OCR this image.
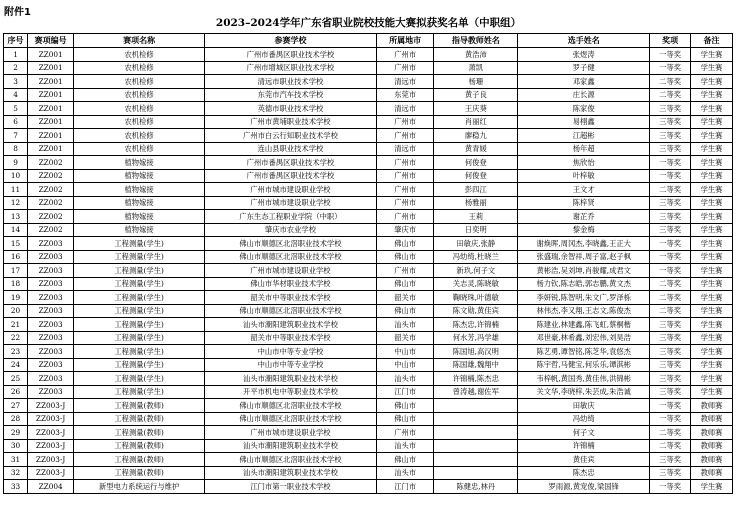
附件1
2023–2024学年广东省职业院校技能大赛拟获奖名单（中职组）
序号	赛项编号	赛项名称	参赛学校	所属地市	指导教师姓名	选手姓名	奖项	备注
1	ZZ001	农机检修	广州市番禺区职业技术学校	广州市	黄浩沛	张煜涛	一等奖	学生赛
2	ZZ001	农机检修	广州市增城区职业技术学校	广州市	萧凯	罗子健	一等奖	学生赛
3	ZZ001	农机检修	清远市职业技术学校	清远市	杨珊	邓家鑫	二等奖	学生赛
4	ZZ001	农机检修	东莞市汽车技术学校	东莞市	黄子良	庄长源	二等奖	学生赛
5	ZZ001	农机检修	英德市职业技术学校	清远市	王庆葵	陈家俊	三等奖	学生赛
6	ZZ001	农机检修	广州市黄埔职业技术学校	广州市	肖丽红	易栩鑫	三等奖	学生赛
7	ZZ001	农机检修	广州市白云行知职业技术学校	广州市	廖稳九	江超彬	三等奖	学生赛
8	ZZ001	农机检修	连山县职业技术学校	清远市	黄青媛	杨年超	三等奖	学生赛
9	ZZ002	植物嫁接	广州市番禺区职业技术学校	广州市	何俊登	焦欣怡	一等奖	学生赛
10	ZZ002	植物嫁接	广州市番禺区职业技术学校	广州市	何俊登	叶梓敏	一等奖	学生赛
11	ZZ002	植物嫁接	广州市城市建设职业学校	广州市	彭四江	王文才	二等奖	学生赛
12	ZZ002	植物嫁接	广州市城市建设职业学校	广州市	杨雅丽	陈梓贤	三等奖	学生赛
13	ZZ002	植物嫁接	广东生态工程职业学院（中职）	广州市	王莉	谢芷乔	三等奖	学生赛
14	ZZ002	植物嫁接	肇庆市农业学校	肇庆市	日奕明	黎金梅	三等奖	学生赛
15	ZZ003	工程测量(学生)	佛山市顺德区北滘职业技术学校	佛山市	田敏庆,张静	谢焕晖,周冈杰,李晓鑫,王正大	一等奖	学生赛
16	ZZ003	工程测量(学生)	佛山市顺德区北滘职业技术学校	佛山市	冯幼绮,杜晓兰	张盛瑞,余智祥,周子富,赵子枫	一等奖	学生赛
17	ZZ003	工程测量(学生)	广州市城市建设职业学校	广州市	新玖,何子文	黄彬浩,吴刘坤,肖骏耀,成君文	一等奖	学生赛
18	ZZ003	工程测量(学生)	佛山市华材职业技术学校	佛山市	关志灵,陈晓敏	杨力钦,陈志皓,郭志鹏,黄文杰	二等奖	学生赛
19	ZZ003	工程测量(学生)	韶关市中等职业技术学校	韶关市	鞠晓珠,叶德敏	李妍锐,陈智明,朱文广,罗泽栎	二等奖	学生赛
20	ZZ003	工程测量(学生)	佛山市顺德区北滘职业技术学校	佛山市	陈文勋,黄佳宾	林伟杰,李又翔,王志文,陈俊杰	二等奖	学生赛
21	ZZ003	工程测量(学生)	汕头市潮阳建筑职业技术学校	汕头市	陈杰忠,许锦楠	陈建业,林建鑫,陈飞虹,蔡桐楷	三等奖	学生赛
22	ZZ003	工程测量(学生)	韶关市中等职业技术学校	韶关市	何水芳,冯学雄	邓世豪,林希鑫,刘宏伟,刘昊浩	三等奖	学生赛
23	ZZ003	工程测量(学生)	中山市中等专业学校	中山市	陈国旭,高汉明	陈艺勇,谭智铭,陈芝华,袁悠杰	三等奖	学生赛
24	ZZ003	工程测量(学生)	中山市中等专业学校	中山市	陈国雄,魏翔中	陈宇哲,马健宝,何乐乐,谭淇彬	三等奖	学生赛
25	ZZ003	工程测量(学生)	汕头市潮阳建筑职业技术学校	汕头市	许锦楠,陈杰忠	韦梓帆,黄国秀,黄佳伟,洪锦彬	三等奖	学生赛
26	ZZ003	工程测量(学生)	开平市机电中等职业技术学校	江门市	曾涛越,谢佐军	关文华,李晓梓,朱芸成,朱浩诚	三等奖	学生赛
27	ZZ003-J	工程测量(教师)	佛山市顺德区北滘职业技术学校	佛山市		田敏庆	一等奖	教师赛
28	ZZ003-J	工程测量(教师)	佛山市顺德区北滘职业技术学校	佛山市		冯幼绮	一等奖	教师赛
29	ZZ003-J	工程测量(教师)	广州市城市建设职业学校	广州市		何子文	二等奖	教师赛
30	ZZ003-J	工程测量(教师)	汕头市潮阳建筑职业技术学校	汕头市		许锦楠	二等奖	教师赛
31	ZZ003-J	工程测量(教师)	佛山市顺德区北滘职业技术学校	佛山市		黄佳宾	三等奖	教师赛
32	ZZ003-J	工程测量(教师)	汕头市潮阳建筑职业技术学校	汕头市		陈杰忠	三等奖	教师赛
33	ZZ004	新型电力系统运行与维护	江门市第一职业技术学校	江门市	陈健忠,林丹	罗雨源,黄宠俊,梁国锋	一等奖	学生赛
